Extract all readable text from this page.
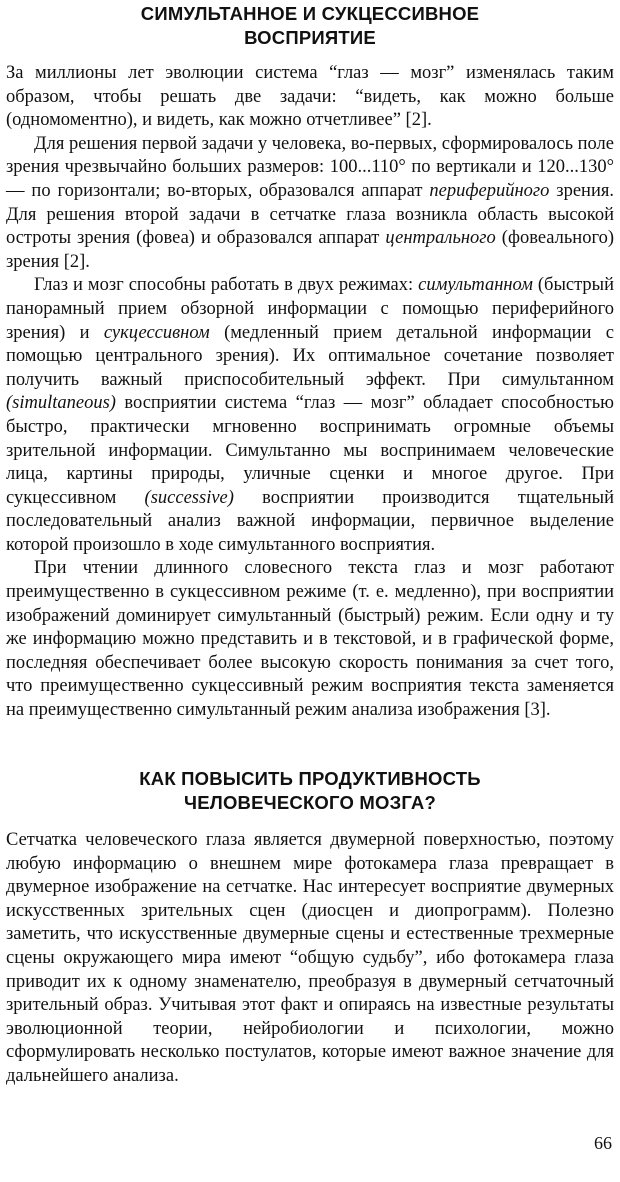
СИМУЛЬТАННОЕ И СУКЦЕССИВНОЕ
ВОСПРИЯТИЕ

За миллионы лет эволюции система “глаз — мозг” изменялась таким образом, чтобы решать две задачи: “видеть, как можно больше (одномоментно), и видеть, как можно отчетливее” [2].

Для решения первой задачи у человека, во-первых, сформировалось поле зрения чрезвычайно больших размеров: 100...110° по вертикали и 120...130° — по горизонтали; во-вторых, образовался аппарат периферийного зрения. Для решения второй задачи в сетчатке глаза возникла область высокой остроты зрения (фовеа) и образовался аппарат центрального (фовеального) зрения [2].

Глаз и мозг способны работать в двух режимах: симультанном (быстрый панорамный прием обзорной информации с помощью периферийного зрения) и сукцессивном (медленный прием детальной информации с помощью центрального зрения). Их оптимальное сочетание позволяет получить важный приспособительный эффект. При симультанном (simultaneous) восприятии система “глаз — мозг” обладает способностью быстро, практически мгновенно воспринимать огромные объемы зрительной информации. Симультанно мы воспринимаем человеческие лица, картины природы, уличные сценки и многое другое. При сукцессивном (successive) восприятии производится тщательный последовательный анализ важной информации, первичное выделение которой произошло в ходе симультанного восприятия.

При чтении длинного словесного текста глаз и мозг работают преимущественно в сукцессивном режиме (т. е. медленно), при восприятии изображений доминирует симультанный (быстрый) режим. Если одну и ту же информацию можно представить и в текстовой, и в графической форме, последняя обеспечивает более высокую скорость понимания за счет того, что преимущественно сукцессивный режим восприятия текста заменяется на преимущественно симультанный режим анализа изображения [3].

КАК ПОВЫСИТЬ ПРОДУКТИВНОСТЬ
ЧЕЛОВЕЧЕСКОГО МОЗГА?

Сетчатка человеческого глаза является двумерной поверхностью, поэтому любую информацию о внешнем мире фотокамера глаза превращает в двумерное изображение на сетчатке. Нас интересует восприятие двумерных искусственных зрительных сцен (диосцен и диопрограмм). Полезно заметить, что искусственные двумерные сцены и естественные трехмерные сцены окружающего мира имеют “общую судьбу”, ибо фотокамера глаза приводит их к одному знаменателю, преобразуя в двумерный сетчаточный зрительный образ. Учитывая этот факт и опираясь на известные результаты эволюционной теории, нейробиологии и психологии, можно сформулировать несколько постулатов, которые имеют важное значение для дальнейшего анализа.

66
